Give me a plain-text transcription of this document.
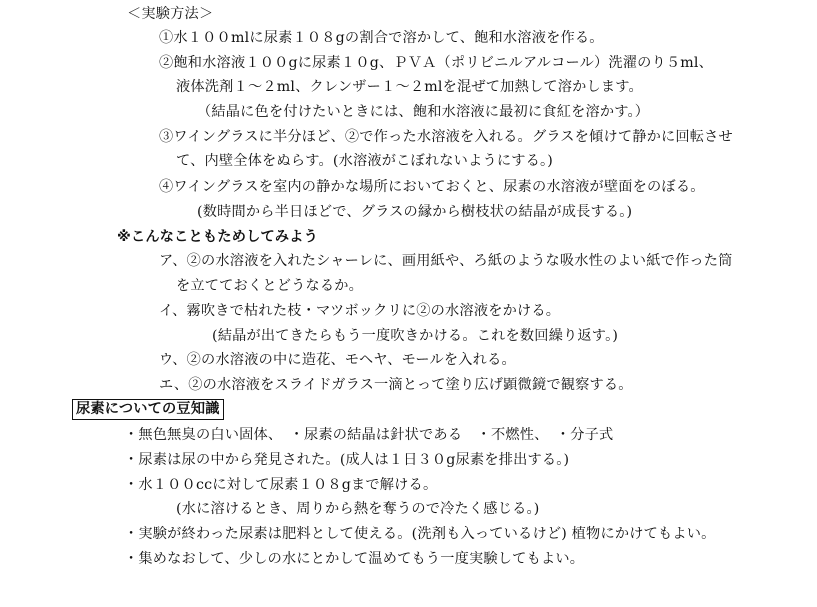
＜実験方法＞
①水１００mlに尿素１０８gの割合で溶かして、飽和水溶液を作る。
②飽和水溶液１００gに尿素１０g、ＰＶＡ（ポリビニルアルコール）洗濯のり５ml、
液体洗剤１～２ml、クレンザー１～２mlを混ぜて加熱して溶かします。
（結晶に色を付けたいときには、飽和水溶液に最初に食紅を溶かす。）
③ワイングラスに半分ほど、②で作った水溶液を入れる。グラスを傾けて静かに回転させ
て、内壁全体をぬらす。(水溶液がこぼれないようにする。)
④ワイングラスを室内の静かな場所においておくと、尿素の水溶液が壁面をのぼる。
(数時間から半日ほどで、グラスの縁から樹枝状の結晶が成長する。)
※こんなこともためしてみよう
ア、②の水溶液を入れたシャーレに、画用紙や、ろ紙のような吸水性のよい紙で作った筒
を立てておくとどうなるか。
イ、霧吹きで枯れた枝・マツボックリに②の水溶液をかける。
(結晶が出てきたらもう一度吹きかける。これを数回繰り返す。)
ウ、②の水溶液の中に造花、モヘヤ、モールを入れる。
エ、②の水溶液をスライドガラス一滴とって塗り広げ顕微鏡で観察する。
尿素についての豆知識
・無色無臭の白い固体、　・尿素の結晶は針状である　・不燃性、　・分子式
・尿素は尿の中から発見された。(成人は１日３０g尿素を排出する。)
・水１００ccに対して尿素１０８gまで解ける。
(水に溶けるとき、周りから熱を奪うので冷たく感じる。)
・実験が終わった尿素は肥料として使える。(洗剤も入っているけど) 植物にかけてもよい。
・集めなおして、少しの水にとかして温めてもう一度実験してもよい。
